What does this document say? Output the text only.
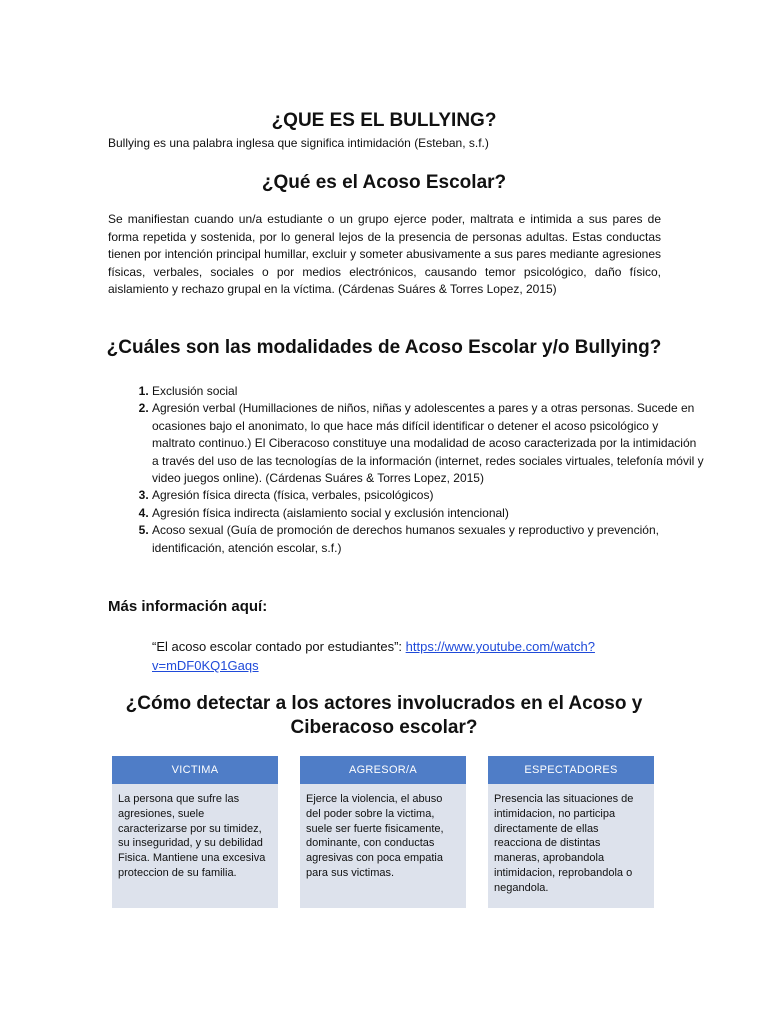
¿QUE ES EL BULLYING?
Bullying es una palabra inglesa que significa intimidación (Esteban, s.f.)
¿Qué es el Acoso Escolar?

Se manifiestan cuando un/a estudiante o un grupo ejerce poder, maltrata e intimida a sus pares de forma repetida y sostenida, por lo general lejos de la presencia de personas adultas. Estas conductas tienen por intención principal humillar, excluir y someter abusivamente a sus pares mediante agresiones físicas, verbales, sociales o por medios electrónicos, causando temor psicológico, daño físico, aislamiento y rechazo grupal en la víctima. (Cárdenas Suáres & Torres Lopez, 2015)

¿Cuáles son las modalidades de Acoso Escolar y/o Bullying?
1. Exclusión social
2. Agresión verbal (Humillaciones de niños, niñas y adolescentes a pares y a otras personas. Sucede en ocasiones bajo el anonimato, lo que hace más difícil identificar o detener el acoso psicológico y maltrato continuo.) El Ciberacoso constituye una modalidad de acoso caracterizada por la intimidación a través del uso de las tecnologías de la información (internet, redes sociales virtuales, telefonía móvil y video juegos online). (Cárdenas Suáres & Torres Lopez, 2015)
3. Agresión física directa (física, verbales, psicológicos)
4. Agresión física indirecta (aislamiento social y exclusión intencional)
5. Acoso sexual (Guía de promoción de derechos humanos sexuales y reproductivo y prevención, identificación, atención escolar, s.f.)
Más información aquí:

“El acoso escolar contado por estudiantes”: https://www.youtube.com/watch?v=mDF0KQ1Gaqs

¿Cómo detectar a los actores involucrados en el Acoso y Ciberacoso escolar?
VICTIMA
La persona que sufre las agresiones, suele caracterizarse por su timidez, su inseguridad, y su debilidad Fisica. Mantiene una excesiva proteccion de su familia.
AGRESOR/A
Ejerce la violencia, el abuso del poder sobre la victima, suele ser fuerte fisicamente, dominante, con conductas agresivas con poca empatia para sus victimas.
ESPECTADORES
Presencia las situaciones de intimidacion, no participa directamente de ellas reacciona de distintas maneras, aprobandola intimidacion, reprobandola o negandola.
